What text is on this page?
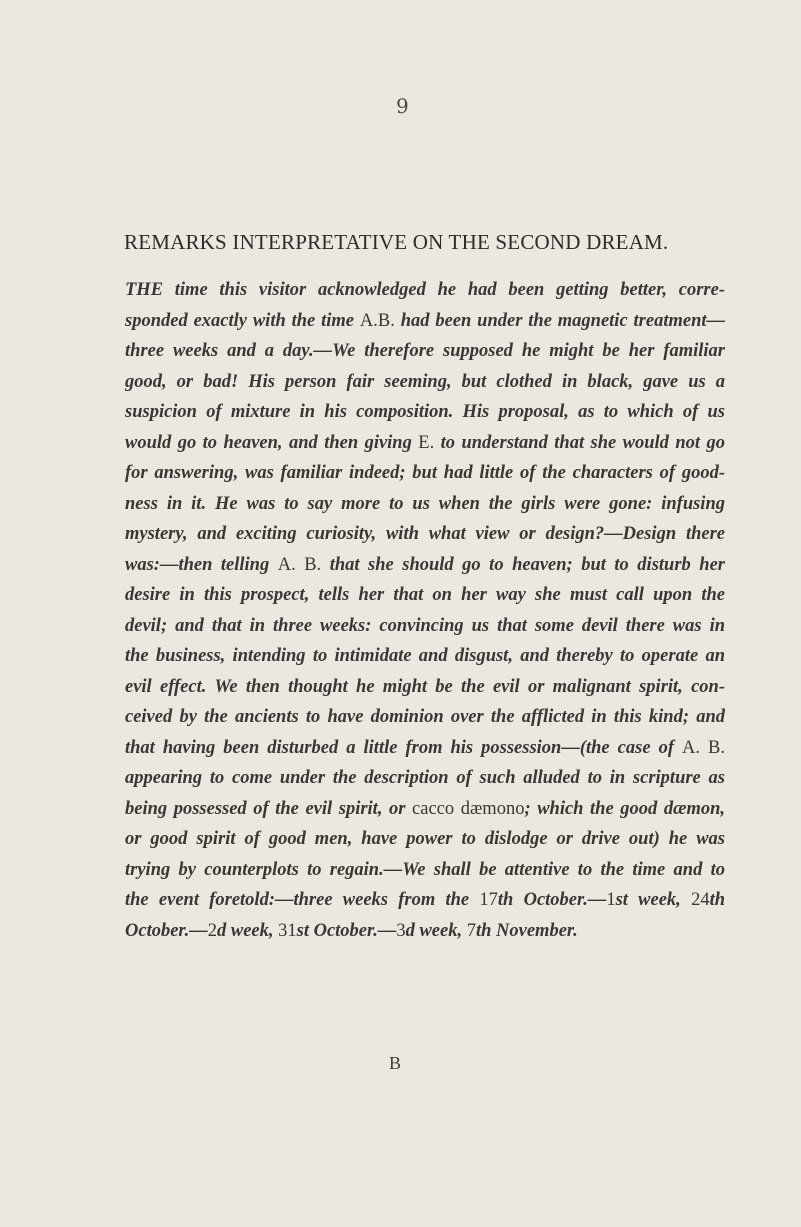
9
REMARKS INTERPRETATIVE ON THE SECOND DREAM.
THE time this visitor acknowledged he had been getting better, corre-
sponded exactly with the time A.B. had been under the magnetic treatment—
three weeks and a day.—We therefore supposed he might be her familiar
good, or bad! His person fair seeming, but clothed in black, gave us a
suspicion of mixture in his composition. His proposal, as to which of us
would go to heaven, and then giving E. to understand that she would not go
for answering, was familiar indeed; but had little of the characters of good-
ness in it. He was to say more to us when the girls were gone: infusing
mystery, and exciting curiosity, with what view or design?—Design there
was:—then telling A. B. that she should go to heaven; but to disturb her
desire in this prospect, tells her that on her way she must call upon the
devil; and that in three weeks: convincing us that some devil there was in
the business, intending to intimidate and disgust, and thereby to operate an
evil effect. We then thought he might be the evil or malignant spirit, con-
ceived by the ancients to have dominion over the afflicted in this kind; and
that having been disturbed a little from his possession—(the case of A. B.
appearing to come under the description of such alluded to in scripture as
being possessed of the evil spirit, or cacco dæmono; which the good dæmon,
or good spirit of good men, have power to dislodge or drive out) he was
trying by counterplots to regain.—We shall be attentive to the time and to
the event foretold:—three weeks from the 17th October.—1st week, 24th
October.—2d week, 31st October.—3d week, 7th November.
B
